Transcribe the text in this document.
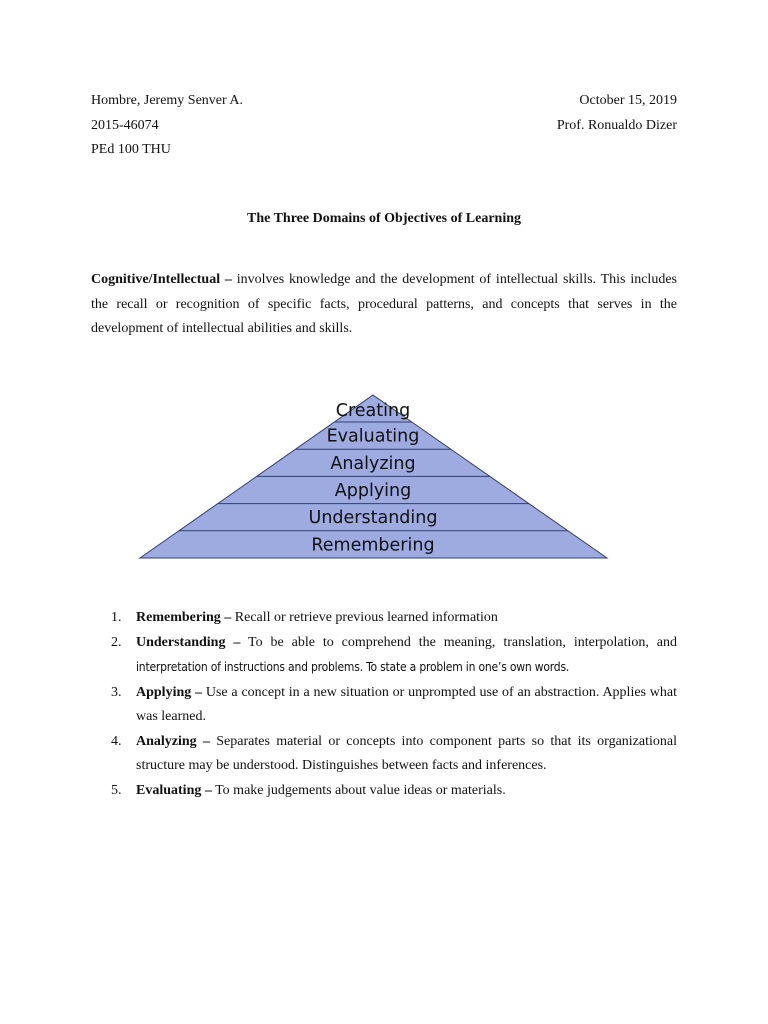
Hombre, Jeremy Senver A.
2015-46074
PEd 100 THU
October 15, 2019
Prof. Ronualdo Dizer
The Three Domains of Objectives of Learning
Cognitive/Intellectual – involves knowledge and the development of intellectual skills. This includes the recall or recognition of specific facts, procedural patterns, and concepts that serves in the development of intellectual abilities and skills.
Creating
Evaluating
Analyzing
Applying
Understanding
Remembering
1. Remembering – Recall or retrieve previous learned information
2. Understanding – To be able to comprehend the meaning, translation, interpolation, and interpretation of instructions and problems. To state a problem in one’s own words.
3. Applying – Use a concept in a new situation or unprompted use of an abstraction. Applies what was learned.
4. Analyzing – Separates material or concepts into component parts so that its organizational structure may be understood. Distinguishes between facts and inferences.
5. Evaluating – To make judgements about value ideas or materials.
